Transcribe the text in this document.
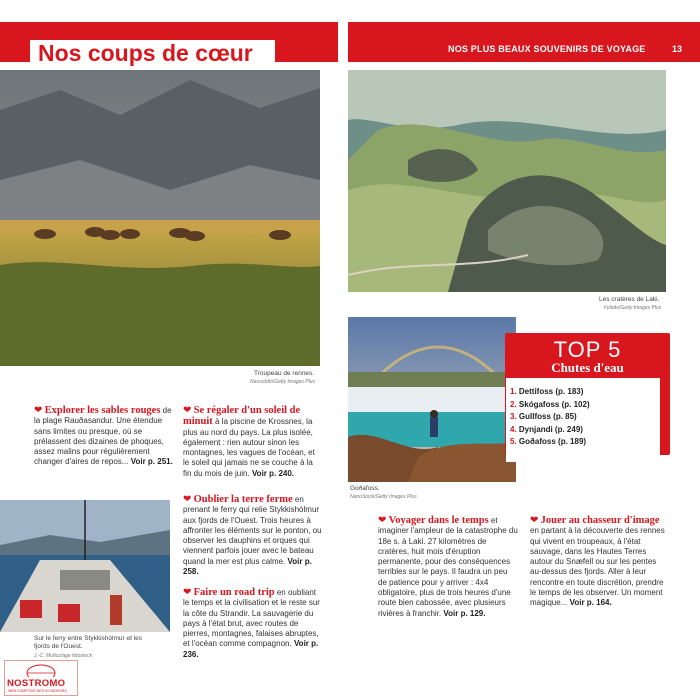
Nos coups de cœur	NOS PLUS BEAUX SOUVENIRS DE VOYAGE	13
Troupeau de rennes.
Nasruddin/Getty Images Plus
Les cratères de Laki.
Fylatto/Getty Images Plus
Goðafoss.
NanoStock/Getty Images Plus
Sur le ferry entre Stykkishólmur et les fjords de l'Ouest.
J.-C. Muñoz/age fotostock
❤ Explorer les sables rouges de la plage Rauðasandur. Une étendue sans limites ou presque, où se prélassent des dizaines de phoques, assez malins pour régulièrement changer d'aires de repos... Voir p. 251.
❤ Se régaler d'un soleil de minuit à la piscine de Krossnes, la plus au nord du pays. La plus isolée, également : rien autour sinon les montagnes, les vagues de l'océan, et le soleil qui jamais ne se couche à la fin du mois de juin. Voir p. 240.
❤ Oublier la terre ferme en prenant le ferry qui relie Stykkishólmur aux fjords de l'Ouest. Trois heures à affronter les éléments sur le ponton, ou observer les dauphins et orques qui viennent parfois jouer avec le bateau quand la mer est plus calme. Voir p. 258.
❤ Faire un road trip en oubliant le temps et la civilisation et le reste sur la côte du Strandir. La sauvagerie du pays à l'état brut, avec routes de pierres, montagnes, falaises abruptes, et l'océan comme compagnon. Voir p. 236.
❤ Voyager dans le temps et imaginer l'ampleur de la catastrophe du 18e s. à Laki. 27 kilomètres de cratères, huit mois d'éruption permanente, pour des conséquences terribles sur le pays. Il faudra un peu de patience pour y arriver : 4x4 obligatoire, plus de trois heures d'une route bien cabossée, avec plusieurs rivières à franchir. Voir p. 129.
❤ Jouer au chasseur d'image en partant à la découverte des rennes qui vivent en troupeaux, à l'état sauvage, dans les Hautes Terres autour du Snæfell ou sur les pentes au-dessus des fjords. Aller à leur rencontre en toute discrétion, prendre le temps de les observer. Un moment magique... Voir p. 164.
TOP 5
Chutes d'eau
1. Dettifoss (p. 183)
2. Skógafoss (p. 102)
3. Gullfoss (p. 85)
4. Dynjandi (p. 249)
5. Goðafoss (p. 189)
NOSTROMO
WEB COMPTOIR DES VOYAGEURS
